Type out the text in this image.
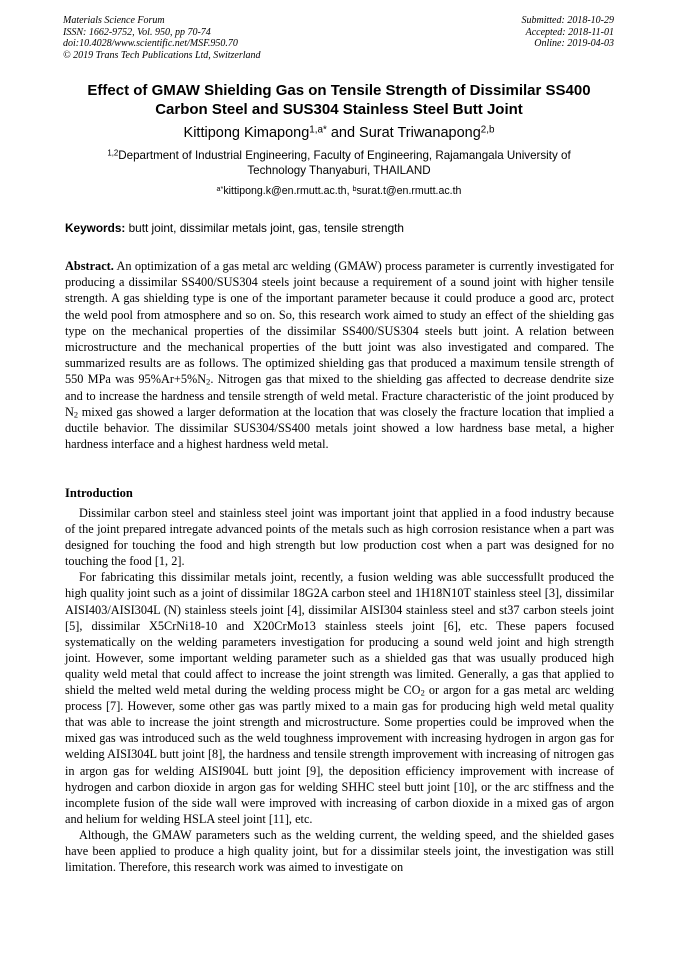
Materials Science Forum
ISSN: 1662-9752, Vol. 950, pp 70-74
doi:10.4028/www.scientific.net/MSF.950.70
© 2019 Trans Tech Publications Ltd, Switzerland
Submitted: 2018-10-29
Accepted: 2018-11-01
Online: 2019-04-03
Effect of GMAW Shielding Gas on Tensile Strength of Dissimilar SS400
Carbon Steel and SUS304 Stainless Steel Butt Joint
Kittipong Kimapong$^{1,a*}$ and Surat Triwanapong$^{2,b}$
$^{1,2}$Department of Industrial Engineering, Faculty of Engineering, Rajamangala University of
Technology Thanyaburi, THAILAND
$^{a*}$kittipong.k@en.rmutt.ac.th, $^b$surat.t@en.rmutt.ac.th
Keywords: butt joint, dissimilar metals joint, gas, tensile strength
Abstract. An optimization of a gas metal arc welding (GMAW) process parameter is currently investigated for producing a dissimilar SS400/SUS304 steels joint because a requirement of a sound joint with higher tensile strength. A gas shielding type is one of the important parameter because it could produce a good arc, protect the weld pool from atmosphere and so on. So, this research work aimed to study an effect of the shielding gas type on the mechanical properties of the dissimilar SS400/SUS304 steels butt joint. A relation between microstructure and the mechanical properties of the butt joint was also investigated and compared. The summarized results are as follows. The optimized shielding gas that produced a maximum tensile strength of 550 MPa was $95\%Ar+5\%N_2$. Nitrogen gas that mixed to the shielding gas affected to decrease dendrite size and to increase the hardness and tensile strength of weld metal. Fracture characteristic of the joint produced by $N_2$ mixed gas showed a larger deformation at the location that was closely the fracture location that implied a ductile behavior. The dissimilar SUS304/SS400 metals joint showed a low hardness base metal, a higher hardness interface and a highest hardness weld metal.
Introduction

Dissimilar carbon steel and stainless steel joint was important joint that applied in a food industry because of the joint prepared intregate advanced points of the metals such as high corrosion resistance when a part was designed for touching the food and high strength but low production cost when a part was designed for no touching the food [1, 2].

For fabricating this dissimilar metals joint, recently, a fusion welding was able successfullt produced the high quality joint such as a joint of dissimilar 18G2A carbon steel and 1H18N10T stainless steel [3], dissimilar AISI403/AISI304L (N) stainless steels joint [4], dissimilar AISI304 stainless steel and st37 carbon steels joint [5], dissimilar X5CrNi18-10 and X20CrMo13 stainless steels joint [6], etc. These papers focused systematically on the welding parameters investigation for producing a sound weld joint and high strength joint. However, some important welding parameter such as a shielded gas that was usually produced high quality weld metal that could affect to increase the joint strength was limited. Generally, a gas that applied to shield the melted weld metal during the welding process might be $CO_2$ or argon for a gas metal arc welding process [7]. However, some other gas was partly mixed to a main gas for producing high weld metal quality that was able to increase the joint strength and microstructure. Some properties could be improved when the mixed gas was introduced such as the weld toughness improvement with increasing hydrogen in argon gas for welding AISI304L butt joint [8], the hardness and tensile strength improvement with increasing of nitrogen gas in argon gas for welding AISI904L butt joint [9], the deposition efficiency improvement with increase of hydrogen and carbon dioxide in argon gas for welding SHHC steel butt joint [10], or the arc stiffness and the incomplete fusion of the side wall were improved with increasing of carbon dioxide in a mixed gas of argon and helium for welding HSLA steel joint [11], etc.

Although, the GMAW parameters such as the welding current, the welding speed, and the shielded gases have been applied to produce a high quality joint, but for a dissimilar steels joint, the investigation was still limitation. Therefore, this research work was aimed to investigate on
